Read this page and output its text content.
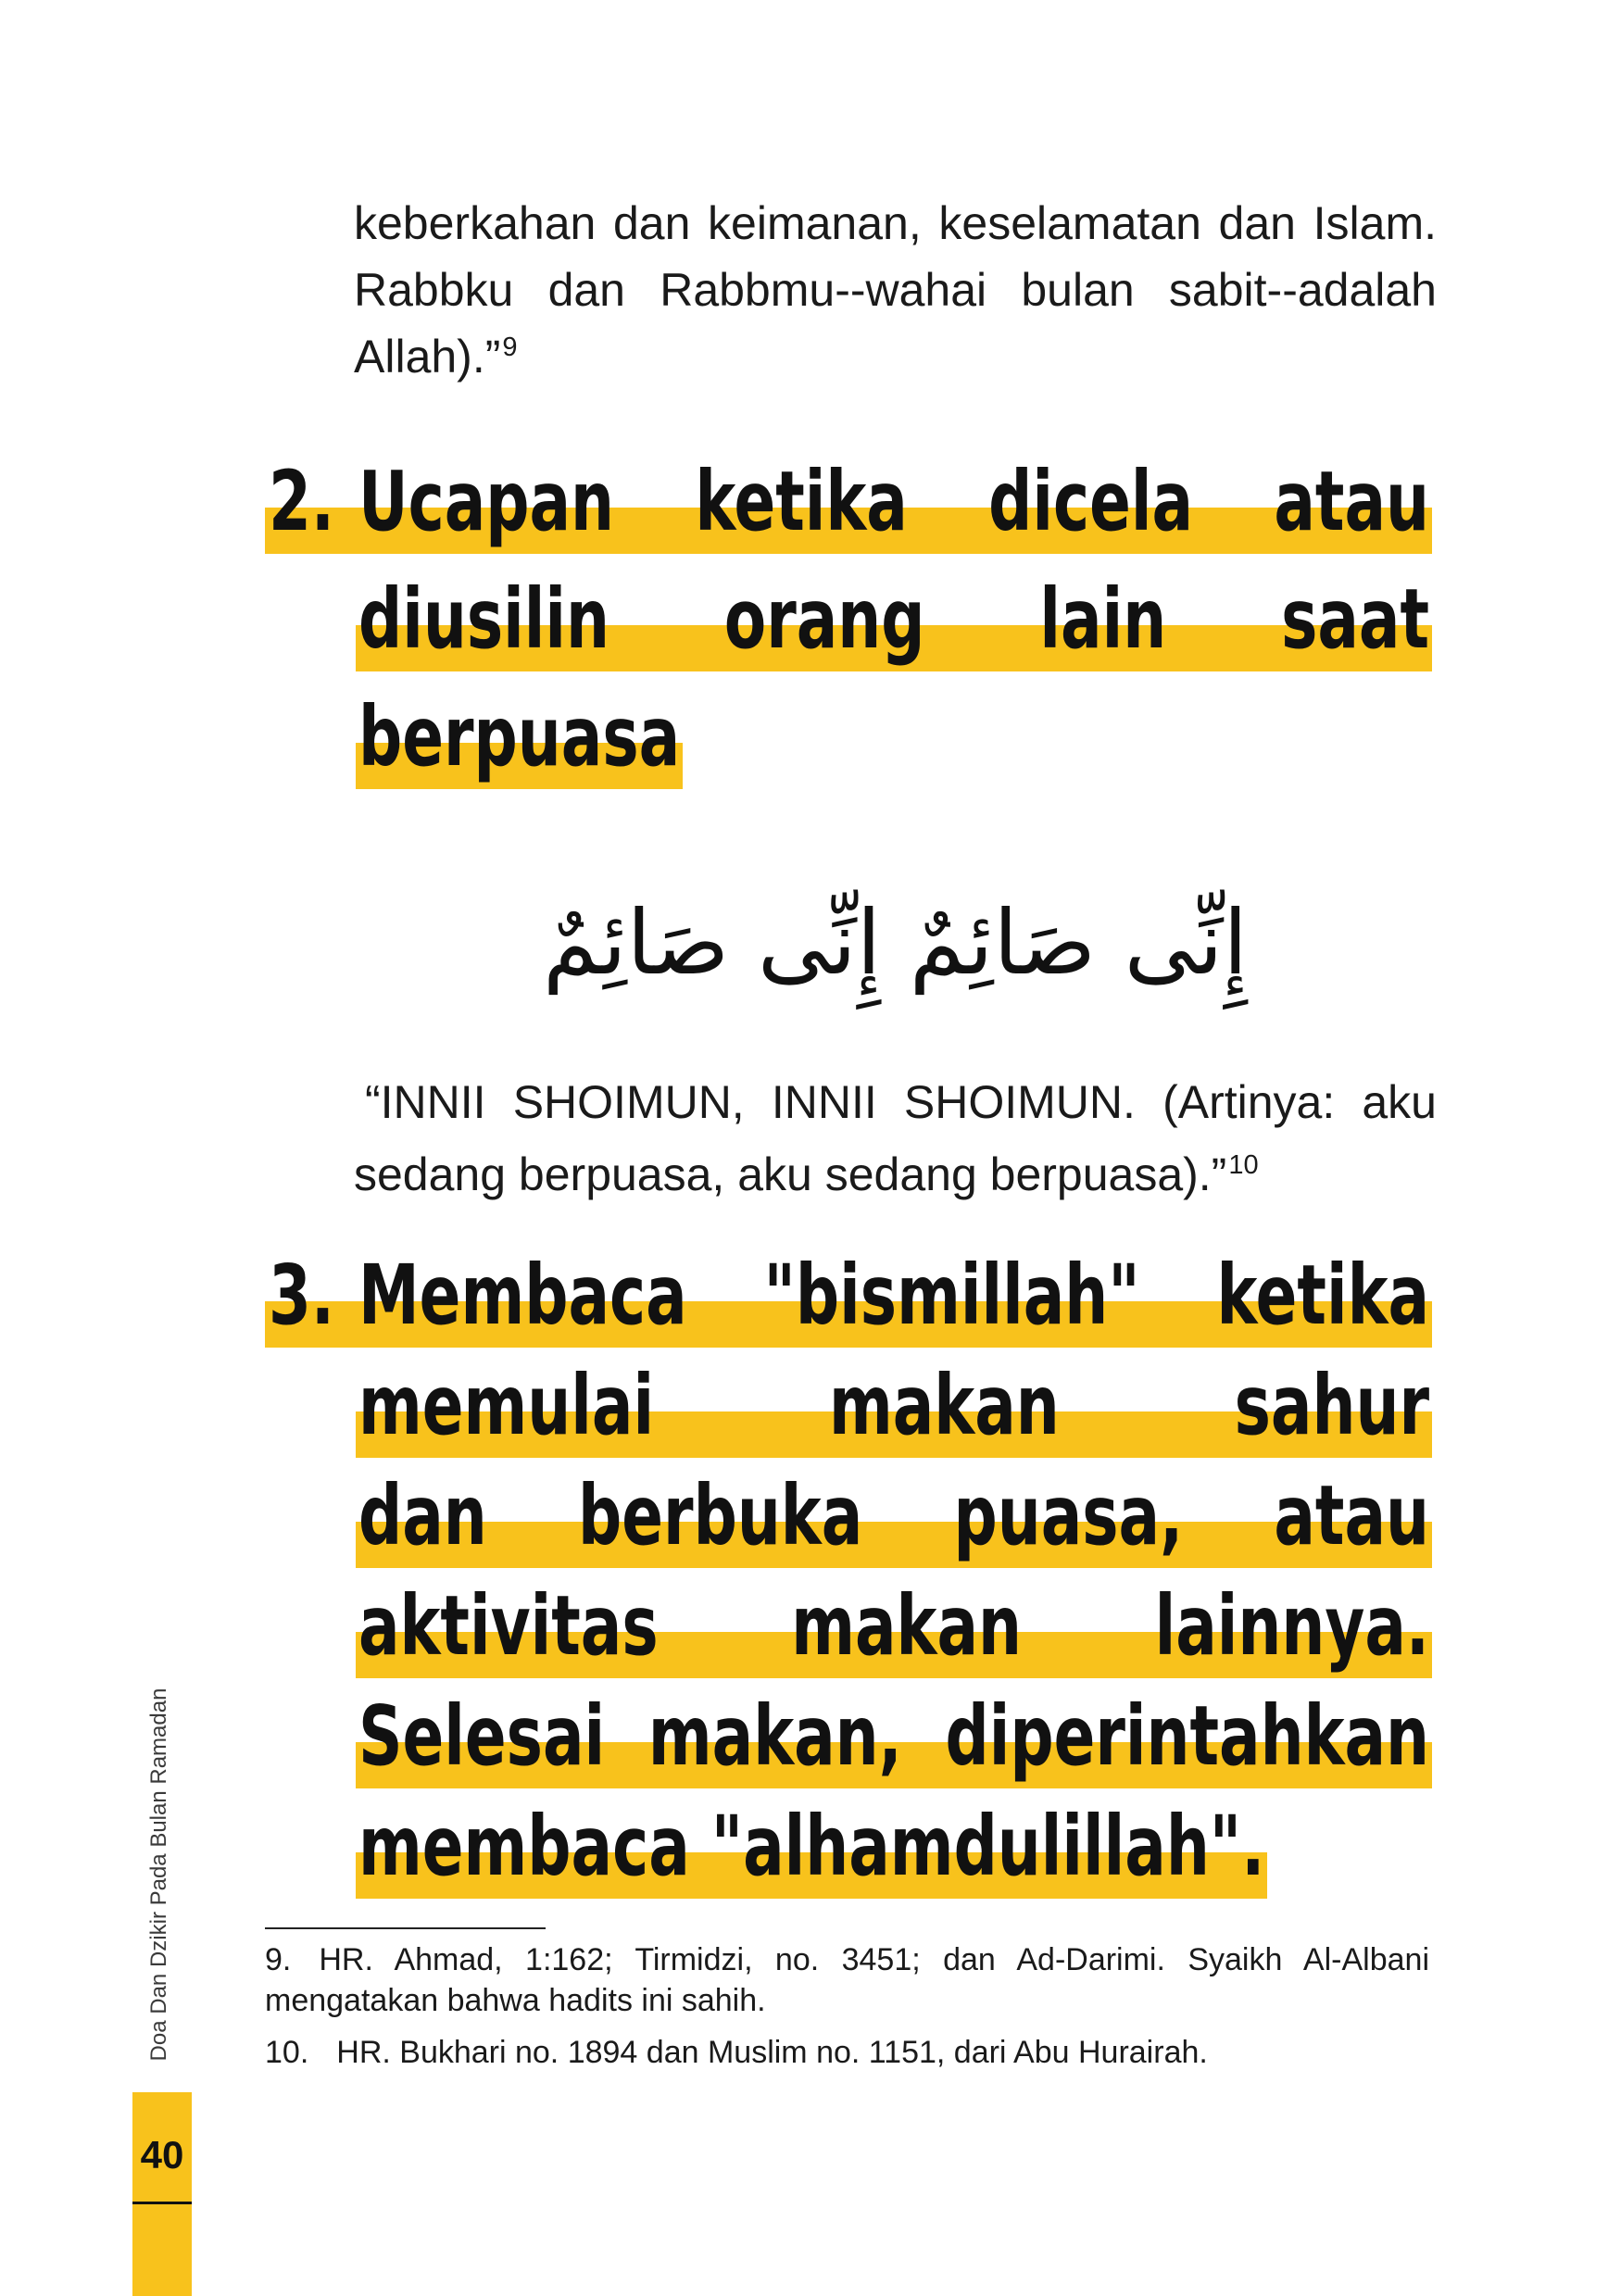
keberkahan dan keimanan, keselamatan dan Islam.
Rabbku dan Rabbmu--wahai bulan sabit--adalah
Allah).”$^9$
2. Ucapan ketika dicela atau
diusilin orang lain saat
berpuasa
إِنِّى صَائِمٌ إِنِّى صَائِمٌ
“INNII SHOIMUN, INNII SHOIMUN. (Artinya: aku
sedang berpuasa, aku sedang berpuasa).”$^{10}$
3. Membaca "bismillah" ketika
memulai makan sahur
dan berbuka puasa, atau
aktivitas makan lainnya.
Selesai makan, diperintahkan
membaca "alhamdulillah".
9. HR. Ahmad, 1:162; Tirmidzi, no. 3451; dan Ad-Darimi. Syaikh Al-Albani
mengatakan bahwa hadits ini sahih.
10. HR. Bukhari no. 1894 dan Muslim no. 1151, dari Abu Hurairah.
Doa Dan Dzikir Pada Bulan Ramadan
40
